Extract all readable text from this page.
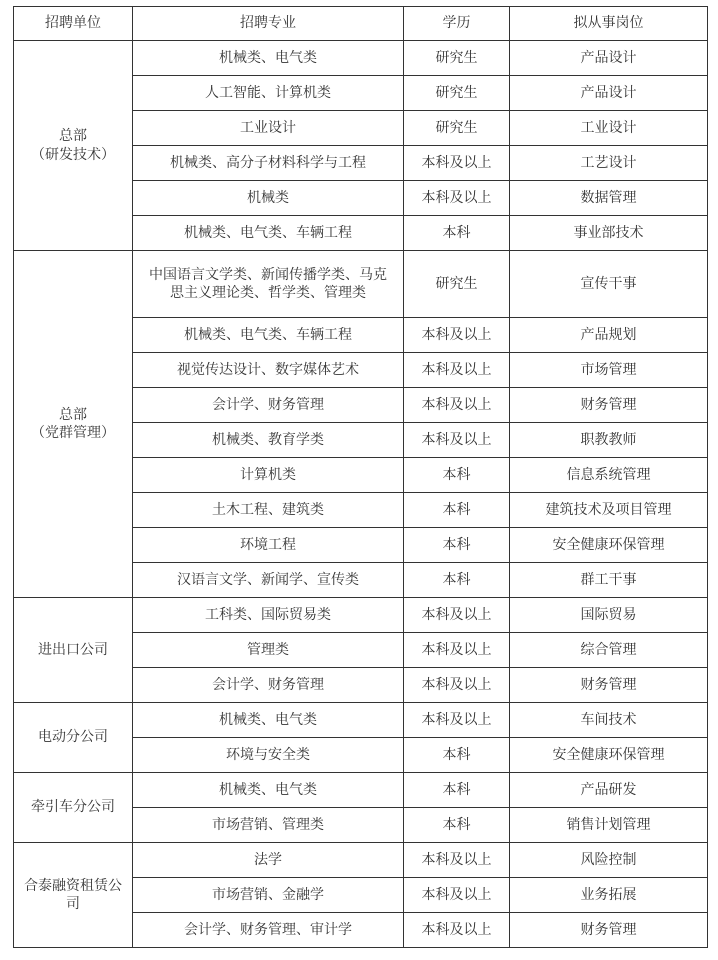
招聘单位	招聘专业	学历	拟从事岗位

总部
（研发技术）	机械类、电气类	研究生	产品设计

	人工智能、计算机类	研究生	产品设计

	工业设计	研究生	工业设计

	机械类、高分子材料科学与工程	本科及以上	工艺设计

	机械类	本科及以上	数据管理

	机械类、电气类、车辆工程	本科	事业部技术

总部
（党群管理）	中国语言文学类、新闻传播学类、马克
思主义理论类、哲学类、管理类	研究生	宣传干事

	机械类、电气类、车辆工程	本科及以上	产品规划

	视觉传达设计、数字媒体艺术	本科及以上	市场管理

	会计学、财务管理	本科及以上	财务管理

	机械类、教育学类	本科及以上	职教教师

	计算机类	本科	信息系统管理

	土木工程、建筑类	本科	建筑技术及项目管理

	环境工程	本科	安全健康环保管理

	汉语言文学、新闻学、宣传类	本科	群工干事

进出口公司	工科类、国际贸易类	本科及以上	国际贸易

	管理类	本科及以上	综合管理

	会计学、财务管理	本科及以上	财务管理

电动分公司	机械类、电气类	本科及以上	车间技术

	环境与安全类	本科	安全健康环保管理

牵引车分公司	机械类、电气类	本科	产品研发

	市场营销、管理类	本科	销售计划管理

合泰融资租赁公
司	法学	本科及以上	风险控制

	市场营销、金融学	本科及以上	业务拓展

	会计学、财务管理、审计学	本科及以上	财务管理
